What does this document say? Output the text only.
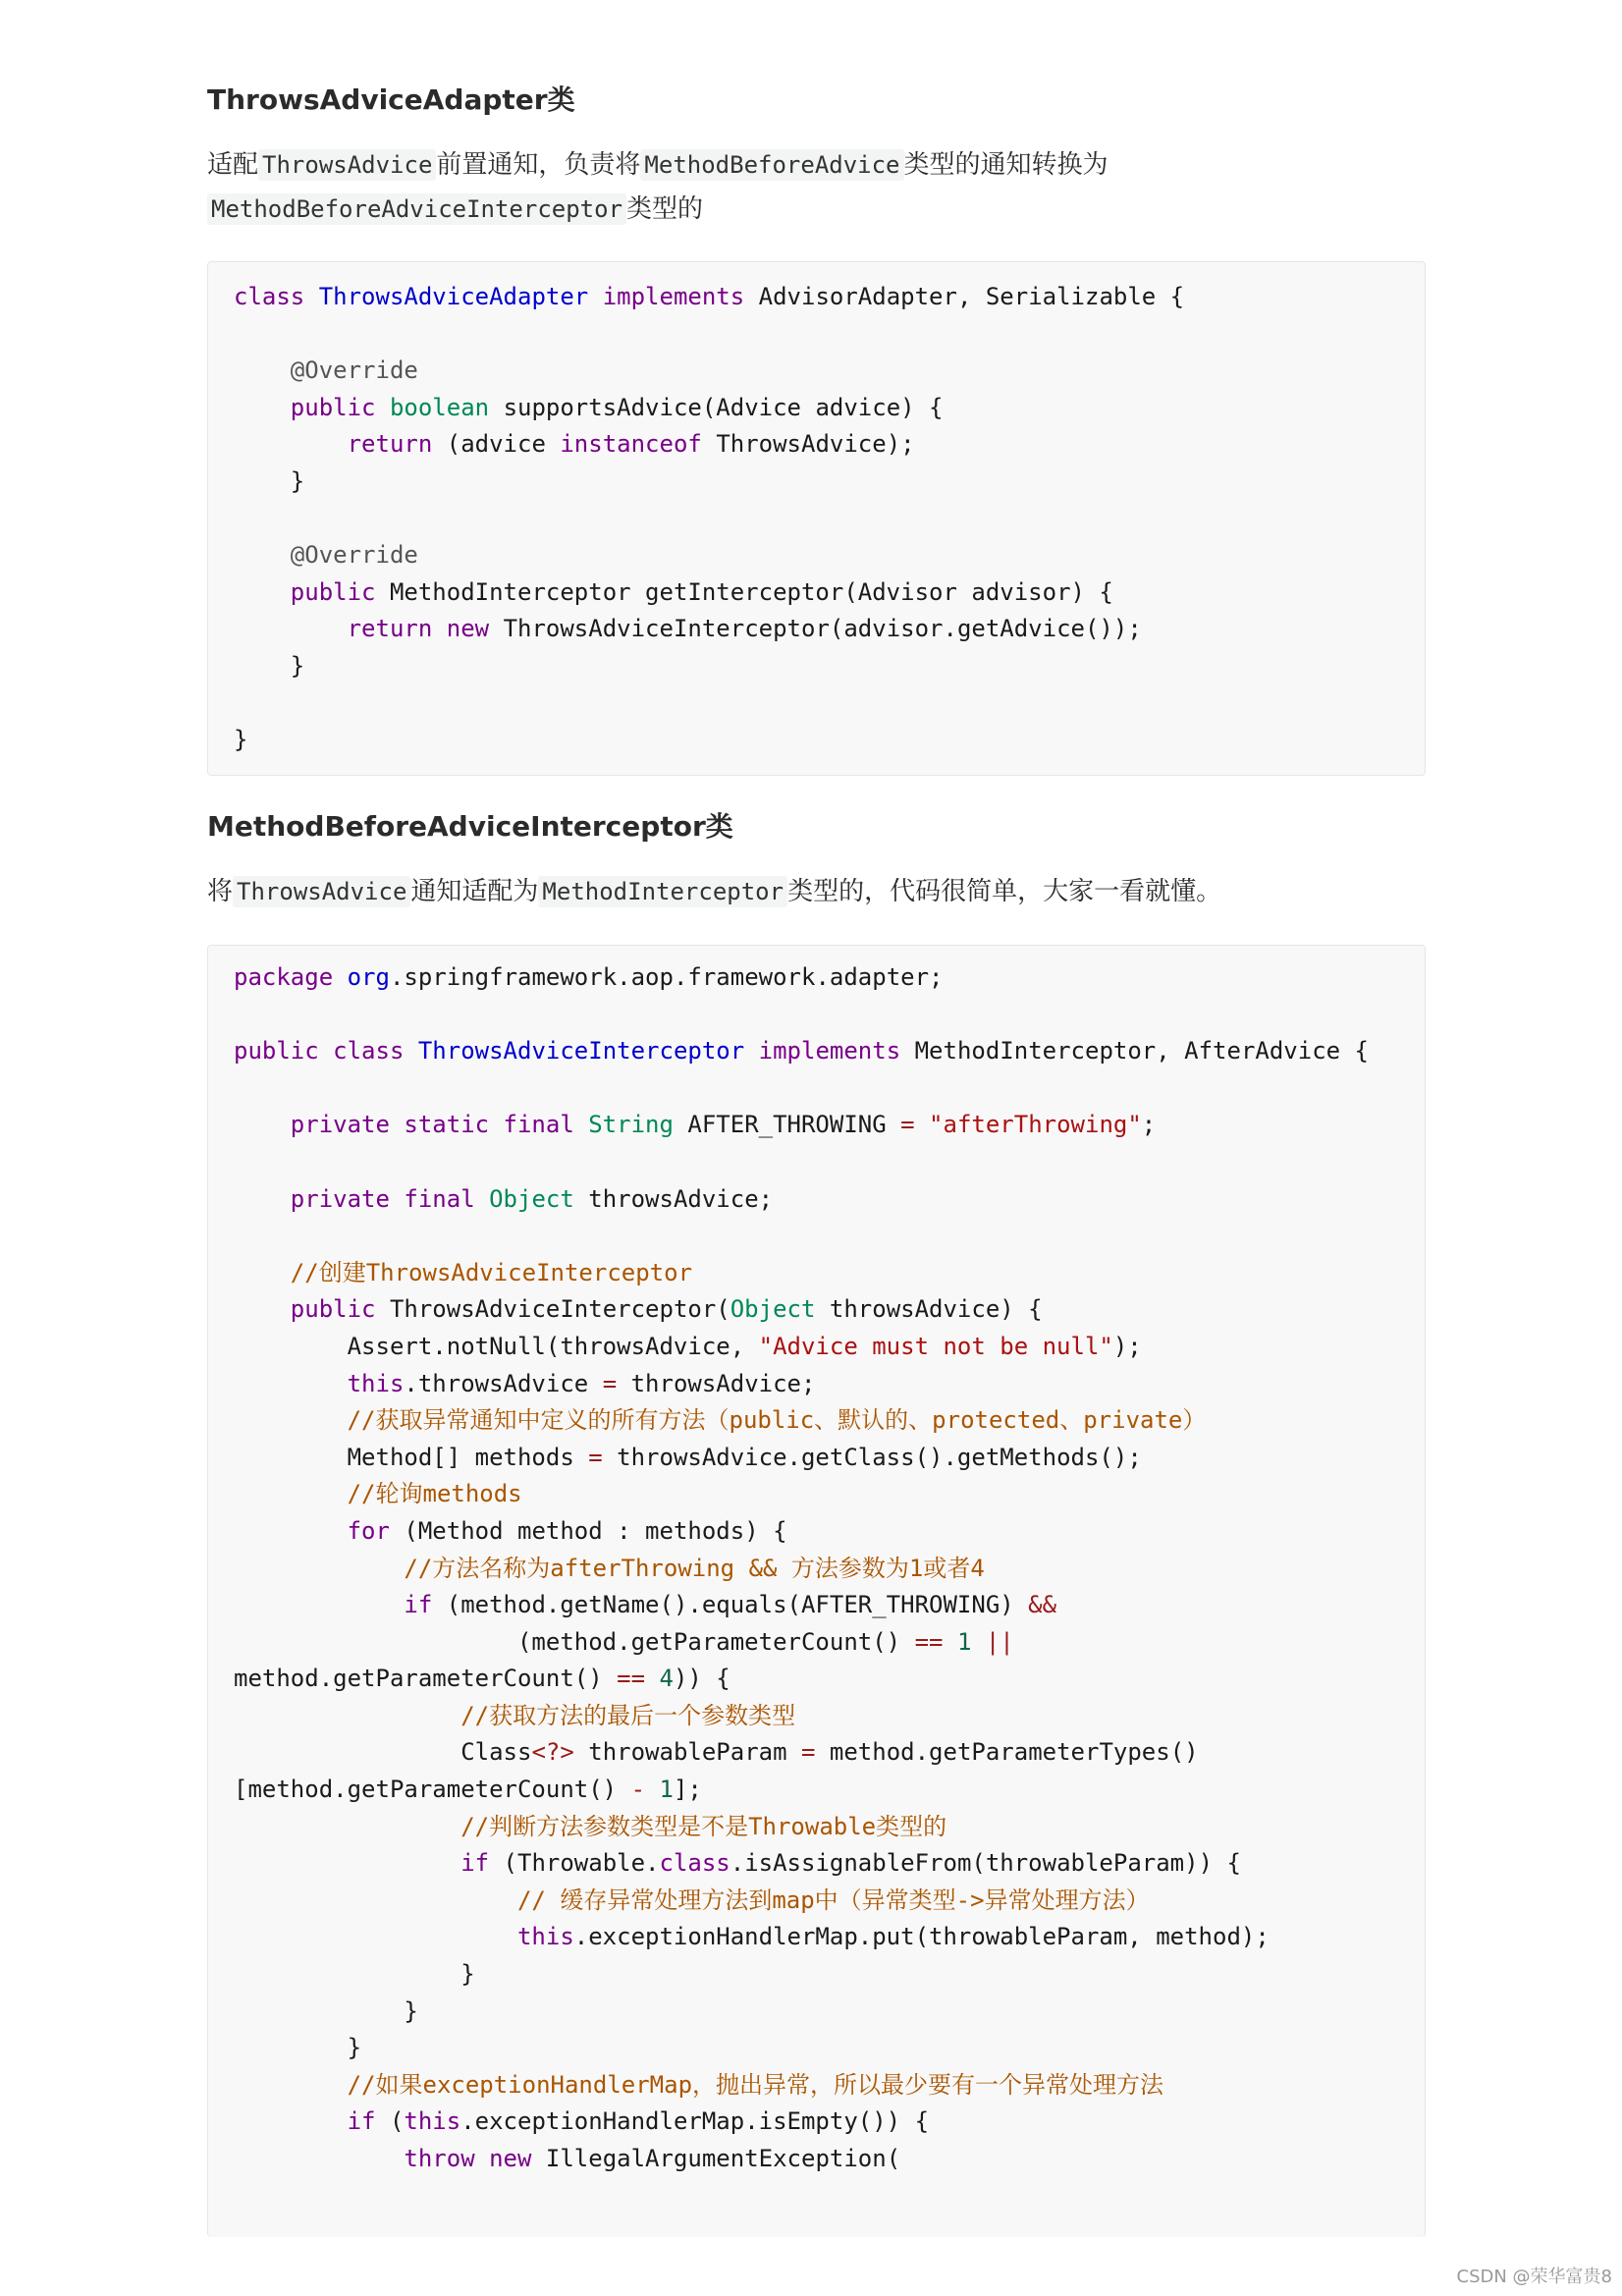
ThrowsAdviceAdapter类

适配 ThrowsAdvice 前置通知，负责将 MethodBeforeAdvice 类型的通知转换为
MethodBeforeAdviceInterceptor 类型的

class ThrowsAdviceAdapter implements AdvisorAdapter, Serializable {

@Override
public boolean supportsAdvice(Advice advice) {
return (advice instanceof ThrowsAdvice);
}

@Override
public MethodInterceptor getInterceptor(Advisor advisor) {
return new ThrowsAdviceInterceptor(advisor.getAdvice());
}

}
MethodBeforeAdviceInterceptor类

将 ThrowsAdvice 通知适配为 MethodInterceptor 类型的，代码很简单，大家一看就懂。

package org.springframework.aop.framework.adapter;

public class ThrowsAdviceInterceptor implements MethodInterceptor, AfterAdvice {

private static final String AFTER_THROWING = "afterThrowing";

private final Object throwsAdvice;

//创建ThrowsAdviceInterceptor
public ThrowsAdviceInterceptor(Object throwsAdvice) {
Assert.notNull(throwsAdvice, "Advice must not be null");
this.throwsAdvice = throwsAdvice;
//获取异常通知中定义的所有方法（public、默认的、protected、private）
Method[] methods = throwsAdvice.getClass().getMethods();
//轮询methods
for (Method method : methods) {
//方法名称为afterThrowing && 方法参数为1或者4
if (method.getName().equals(AFTER_THROWING) &&
(method.getParameterCount() == 1 ||
method.getParameterCount() == 4)) {
//获取方法的最后一个参数类型
Class<?> throwableParam = method.getParameterTypes()
[method.getParameterCount() - 1];
//判断方法参数类型是不是Throwable类型的
if (Throwable.class.isAssignableFrom(throwableParam)) {
// 缓存异常处理方法到map中（异常类型->异常处理方法）
this.exceptionHandlerMap.put(throwableParam, method);
}
}
}
//如果exceptionHandlerMap，抛出异常，所以最少要有一个异常处理方法
if (this.exceptionHandlerMap.isEmpty()) {
throw new IllegalArgumentException(
CSDN @荣华富贵8
